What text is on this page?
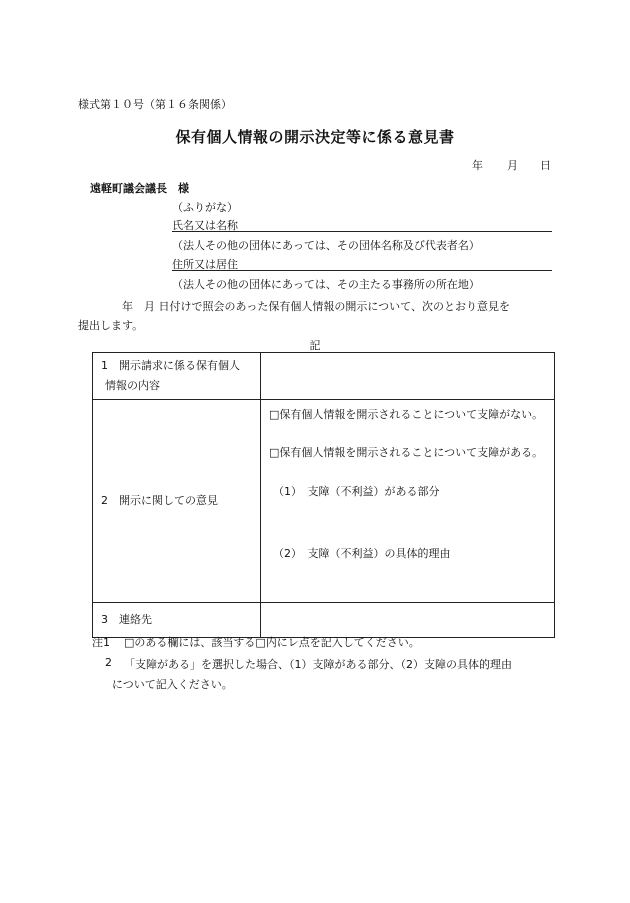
様式第１０号（第１６条関係）
保有個人情報の開示決定等に係る意見書
年 月 日
遠軽町議会議長　様
（ふりがな）
氏名又は名称
（法人その他の団体にあっては、その団体名称及び代表者名）
住所又は居住
（法人その他の団体にあっては、その主たる事務所の所在地）
年　月 日付けで照会のあった保有個人情報の開示について、次のとおり意見を
提出します。
記
1　開示請求に係る保有個人
情報の内容	

2　開示に関しての意見	□保有個人情報を開示されることについて支障がない。
□保有個人情報を開示されることについて支障がある。
（1）　支障（不利益）がある部分
（2）　支障（不利益）の具体的理由

3　連絡先	

注1 □のある欄には、該当する□内にレ点を記入してください。
2 「支障がある」を選択した場合、（1）支障がある部分、（2）支障の具体的理由
について記入ください。
